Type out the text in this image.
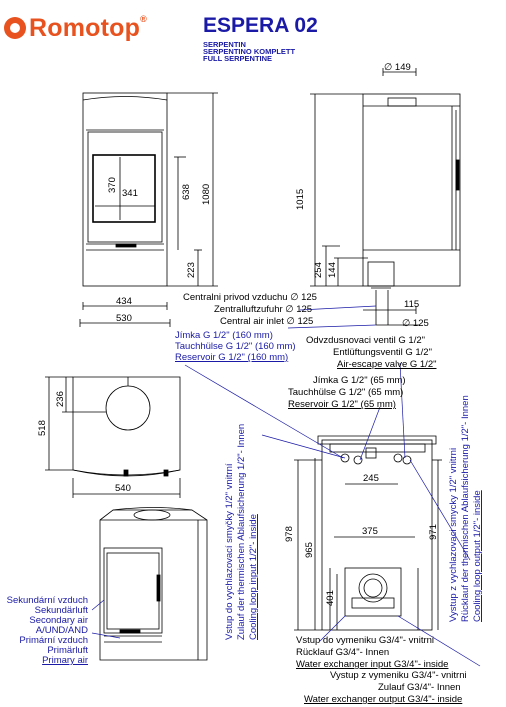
Romotop®	ESPERA 02
SERPENTIN
SERPENTINO KOMPLETT
FULL SERPENTINE
434
530
341
370	638 1080
223
∅ 149
1015
254 144
115
∅ 125
Centralni privod vzduchu ∅ 125
Zentralluftzufuhr ∅ 125
Central air inlet ∅ 125
Jímka G 1/2" (160 mm)
Tauchhülse G 1/2" (160 mm)
Reservoir G 1/2" (160 mm)
Odvzdusnovaci ventil G 1/2"
Entlüftungsventil G 1/2"
Air-escape valve G 1/2"
Jímka G 1/2" (65 mm)
Tauchhülse G 1/2" (65 mm)
Reservoir G 1/2" (65 mm)
518
236
540
245
375
978
965
401
971
Vstup do vychlazovací smyčky 1/2" vnitrní Zulauf der thermischen Ablaufsicherung 1/2"- Innen Cooling loop input 1/2"- inside	Vystup z vychlazovaci smycky 1/2" vnitrni Rücklauf der thermischen Ablaufsicherung 1/2"- Innen Cooling loop output 1/2"- inside
Vstup do vymeniku G3/4"- vnitrni
Rücklauf G3/4"- Innen
Water exchanger input G3/4"- inside
Vystup z vymeniku G3/4"- vnitrni
Zulauf G3/4"- Innen
Water exchanger output G3/4"- inside
Sekundární vzduch
Sekundärluft
Secondary air
A/UND/AND
Primární vzduch
Primärluft
Primary air
